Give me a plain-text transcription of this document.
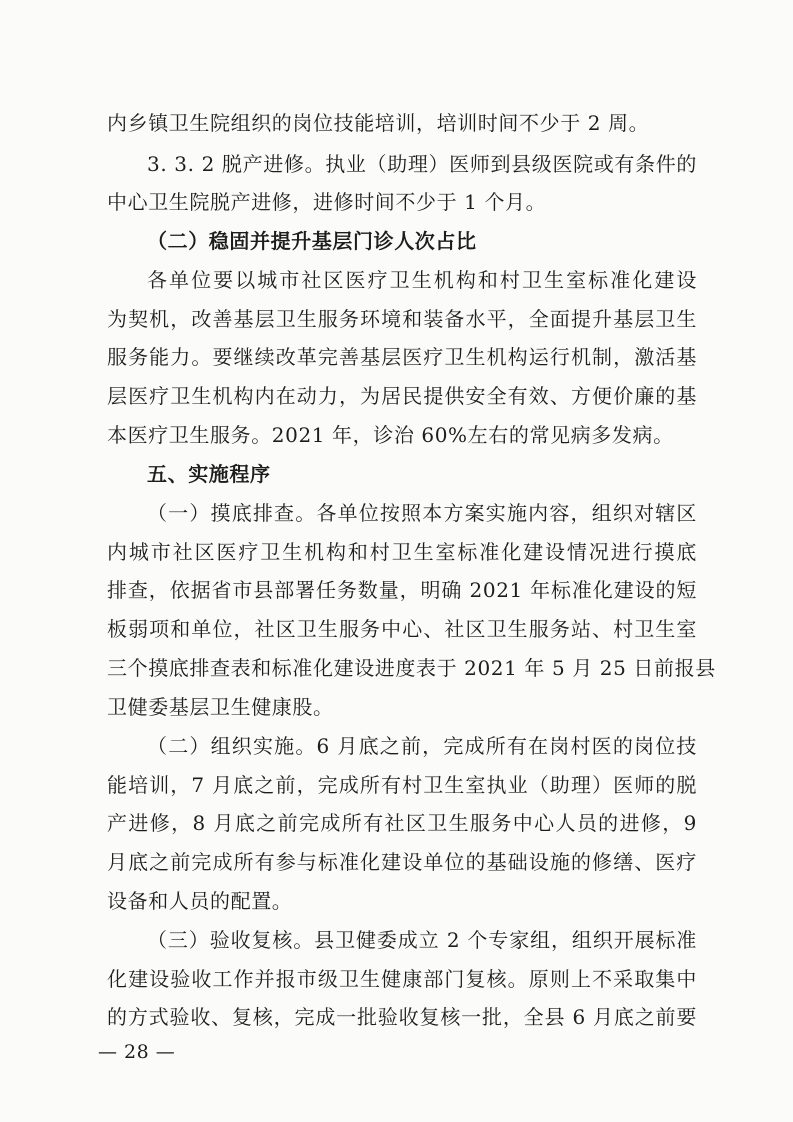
内乡镇卫生院组织的岗位技能培训，培训时间不少于 2 周。
3. 3. 2 脱产进修。执业（助理）医师到县级医院或有条件的
中心卫生院脱产进修，进修时间不少于 1 个月。
（二）稳固并提升基层门诊人次占比
各单位要以城市社区医疗卫生机构和村卫生室标准化建设
为契机，改善基层卫生服务环境和装备水平，全面提升基层卫生
服务能力。要继续改革完善基层医疗卫生机构运行机制，激活基
层医疗卫生机构内在动力，为居民提供安全有效、方便价廉的基
本医疗卫生服务。2021 年，诊治 60%左右的常见病多发病。
五、实施程序
（一）摸底排查。各单位按照本方案实施内容，组织对辖区
内城市社区医疗卫生机构和村卫生室标准化建设情况进行摸底
排查，依据省市县部署任务数量，明确 2021 年标准化建设的短
板弱项和单位，社区卫生服务中心、社区卫生服务站、村卫生室
三个摸底排查表和标准化建设进度表于 2021 年 5 月 25 日前报县
卫健委基层卫生健康股。
（二）组织实施。6 月底之前，完成所有在岗村医的岗位技
能培训，7 月底之前，完成所有村卫生室执业（助理）医师的脱
产进修，8 月底之前完成所有社区卫生服务中心人员的进修，9
月底之前完成所有参与标准化建设单位的基础设施的修缮、医疗
设备和人员的配置。
（三）验收复核。县卫健委成立 2 个专家组，组织开展标准
化建设验收工作并报市级卫生健康部门复核。原则上不采取集中
的方式验收、复核，完成一批验收复核一批，全县 6 月底之前要
— 28 —
